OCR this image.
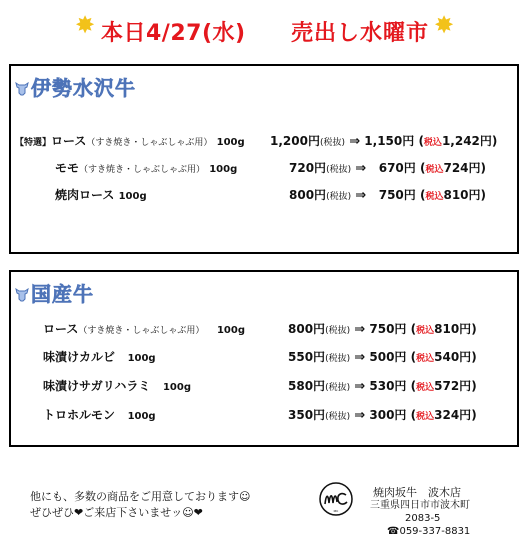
✸ 本日4/27(水) 売出し水曜市 ✸
伊勢水沢牛
【特選】ロース（すき焼き・しゃぶしゃぶ用） 100g 1,200円(税抜) ⇒ 1,150円 (税込1,242円)
モモ（すき焼き・しゃぶしゃぶ用） 100g	720円(税抜) ⇒ 670円 (税込724円)
焼肉ロース 100g	800円(税抜) ⇒ 750円 (税込810円)
国産牛
ロース（すき焼き・しゃぶしゃぶ用） 100g	800円(税抜) ⇒ 750円 (税込810円)
味漬けカルビ 100g	550円(税抜) ⇒ 500円 (税込540円)
味漬けサガリハラミ 100g	580円(税抜) ⇒ 530円 (税込572円)
トロホルモン 100g	350円(税抜) ⇒ 300円 (税込324円)
他にも、多数の商品をご用意しております☺
ぜひぜひ❤ご来店下さいませッ☺❤	MC
焼肉坂牛　波木店
三重県四日市市波木町
2083-5
☎059-337-8831
